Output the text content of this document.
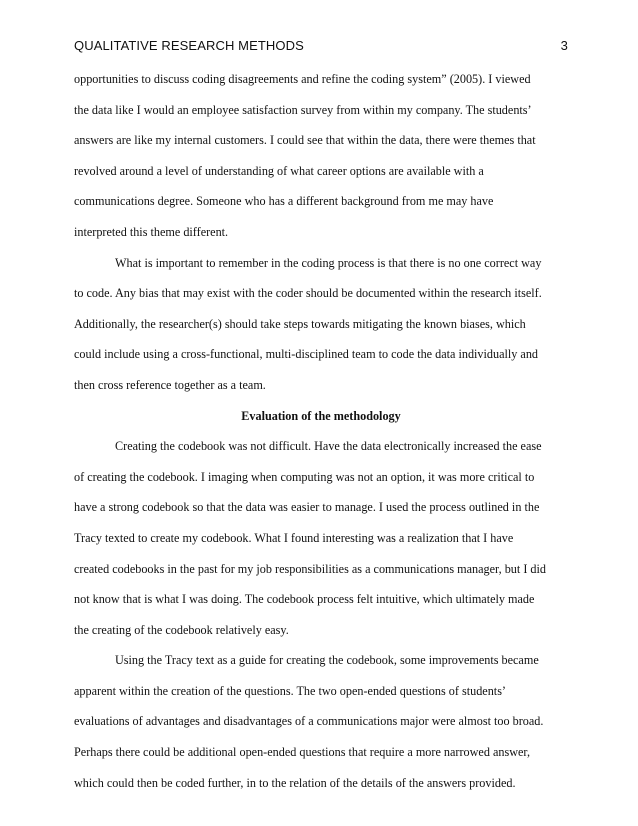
QUALITATIVE RESEARCH METHODS	3
opportunities to discuss coding disagreements and refine the coding system” (2005). I viewed
the data like I would an employee satisfaction survey from within my company. The students’
answers are like my internal customers. I could see that within the data, there were themes that
revolved around a level of understanding of what career options are available with a
communications degree. Someone who has a different background from me may have
interpreted this theme different.
What is important to remember in the coding process is that there is no one correct way
to code. Any bias that may exist with the coder should be documented within the research itself.
Additionally, the researcher(s) should take steps towards mitigating the known biases, which
could include using a cross-functional, multi-disciplined team to code the data individually and
then cross reference together as a team.
Evaluation of the methodology
Creating the codebook was not difficult. Have the data electronically increased the ease
of creating the codebook. I imaging when computing was not an option, it was more critical to
have a strong codebook so that the data was easier to manage. I used the process outlined in the
Tracy texted to create my codebook. What I found interesting was a realization that I have
created codebooks in the past for my job responsibilities as a communications manager, but I did
not know that is what I was doing. The codebook process felt intuitive, which ultimately made
the creating of the codebook relatively easy.
Using the Tracy text as a guide for creating the codebook, some improvements became
apparent within the creation of the questions. The two open-ended questions of students’
evaluations of advantages and disadvantages of a communications major were almost too broad.
Perhaps there could be additional open-ended questions that require a more narrowed answer,
which could then be coded further, in to the relation of the details of the answers provided.
